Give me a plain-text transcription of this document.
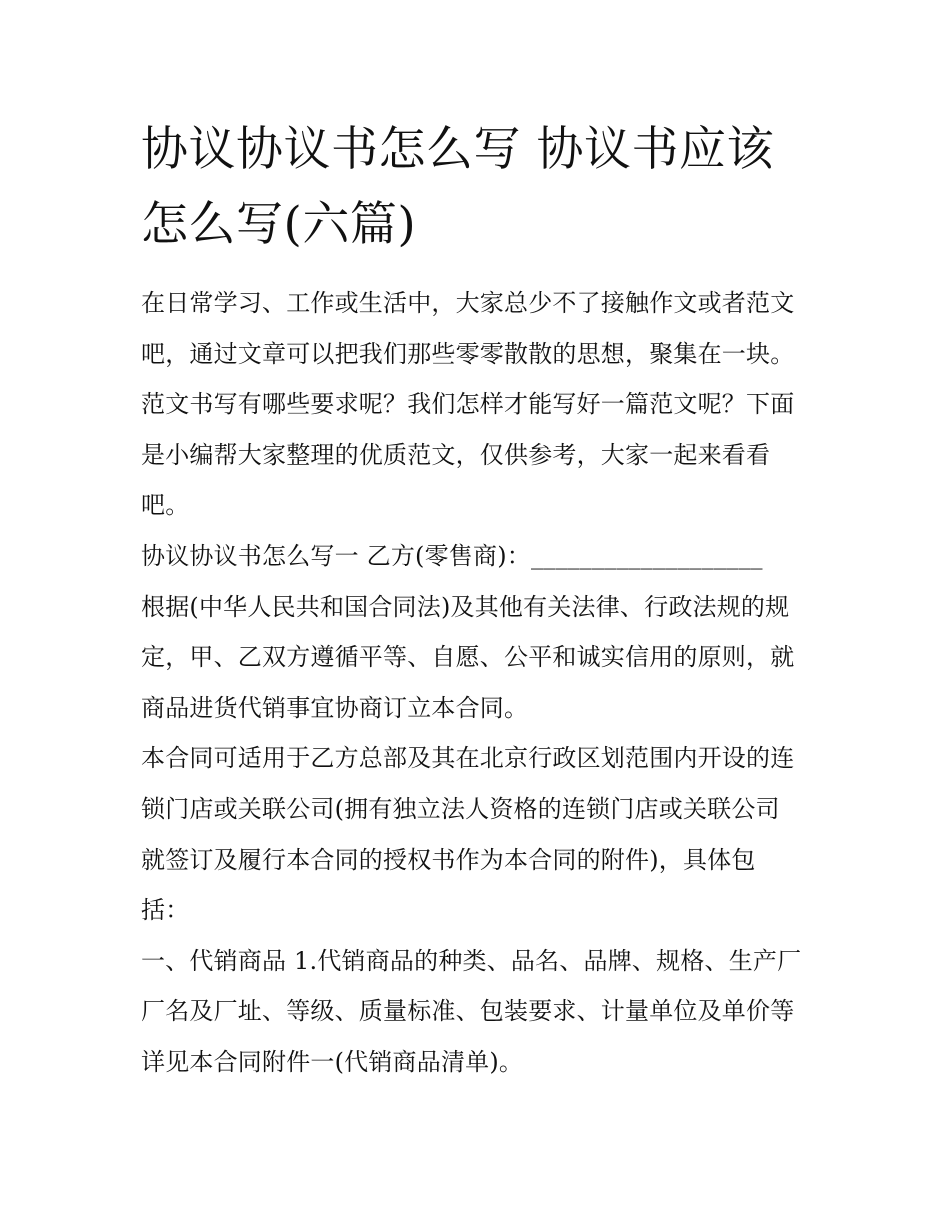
协议协议书怎么写 协议书应该
怎么写(六篇)
在日常学习、工作或生活中，大家总少不了接触作文或者范文
吧，通过文章可以把我们那些零零散散的思想，聚集在一块。
范文书写有哪些要求呢？我们怎样才能写好一篇范文呢？下面
是小编帮大家整理的优质范文，仅供参考，大家一起来看看
吧。
协议协议书怎么写一 乙方(零售商)：___________________
根据(中华人民共和国合同法)及其他有关法律、行政法规的规
定，甲、乙双方遵循平等、自愿、公平和诚实信用的原则，就
商品进货代销事宜协商订立本合同。
本合同可适用于乙方总部及其在北京行政区划范围内开设的连
锁门店或关联公司(拥有独立法人资格的连锁门店或关联公司
就签订及履行本合同的授权书作为本合同的附件)，具体包
括：
一、代销商品 1.代销商品的种类、品名、品牌、规格、生产厂
厂名及厂址、等级、质量标准、包装要求、计量单位及单价等
详见本合同附件一(代销商品清单)。
